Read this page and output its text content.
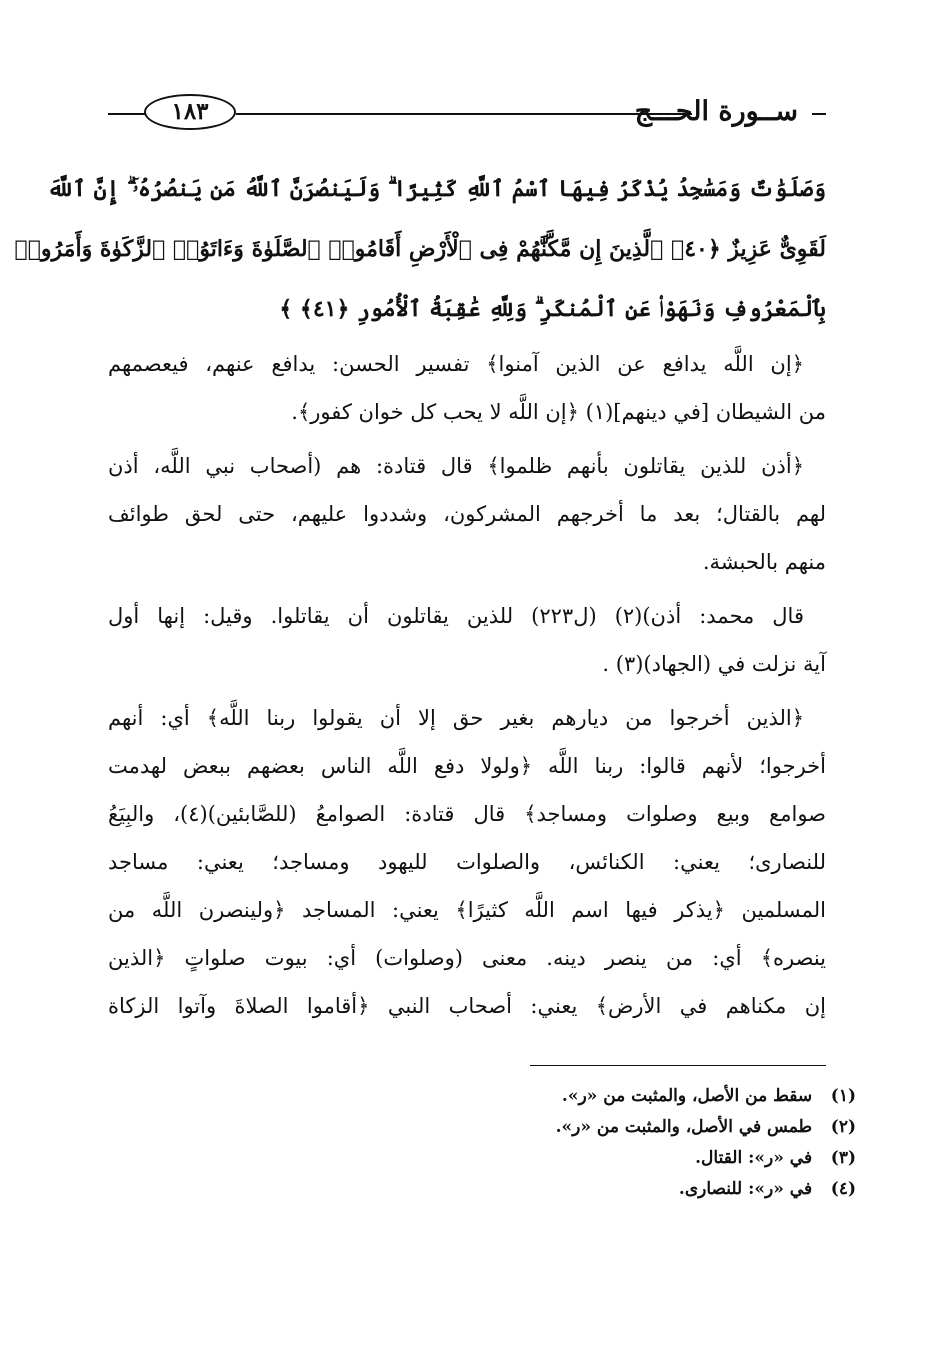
ســورة الحـــج
١٨٣
وَصَلَوَٰتٌ وَمَسَٰجِدُ يُذْكَرُ فِيهَا ٱسْمُ ٱللَّهِ كَثِيرًا ۗ وَلَيَنصُرَنَّ ٱللَّهُ مَن يَنصُرُهُۥٓ ۗ إِنَّ ٱللَّهَ
لَقَوِىٌّ عَزِيزٌ ﴿٤٠﴾ ٱلَّذِينَ إِن مَّكَّنَّٰهُمْ فِى ٱلْأَرْضِ أَقَامُوا۟ ٱلصَّلَوٰةَ وَءَاتَوُا۟ ٱلزَّكَوٰةَ وَأَمَرُوا۟
بِٱلْمَعْرُوفِ وَنَهَوْا۟ عَنِ ٱلْمُنكَرِ ۗ وَلِلَّهِ عَٰقِبَةُ ٱلْأُمُورِ ﴿٤١﴾ ﴾
﴿إن اللَّه يدافع عن الذين آمنوا﴾ تفسير الحسن: يدافع عنهم، فيعصمهم
من الشيطان [في دينهم](١) ﴿إن اللَّه لا يحب كل خوان كفور﴾.
﴿أذن للذين يقاتلون بأنهم ظلموا﴾ قال قتادة: هم (أصحاب نبي اللَّه، أذن
لهم بالقتال؛ بعد ما أخرجهم المشركون، وشددوا عليهم، حتى لحق طوائف
منهم بالحبشة.
قال محمد: أذن)(٢) (ل٢٢٣) للذين يقاتلون أن يقاتلوا. وقيل: إنها أول
آية نزلت في (الجهاد)(٣) .
﴿الذين أخرجوا من ديارهم بغير حق إلا أن يقولوا ربنا اللَّه﴾ أي: أنهم
أخرجوا؛ لأنهم قالوا: ربنا اللَّه ﴿ولولا دفع اللَّه الناس بعضهم ببعض لهدمت
صوامع وبيع وصلوات ومساجد﴾ قال قتادة: الصوامعُ (للصَّابئين)(٤)، والبِيَعُ
للنصارى؛ يعني: الكنائس، والصلوات لليهود ومساجد؛ يعني: مساجد
المسلمين ﴿يذكر فيها اسم اللَّه كثيرًا﴾ يعني: المساجد ﴿ولينصرن اللَّه من
ينصره﴾ أي: من ينصر دينه. معنى (وصلوات) أي: بيوت صلواتٍ ﴿الذين
إن مكناهم في الأرض﴾ يعني: أصحاب النبي ﴿أقاموا الصلاةَ وآتوا الزكاة
(١) سقط من الأصل، والمثبت من «ر».
(٢) طمس في الأصل، والمثبت من «ر».
(٣) في «ر»: القتال.
(٤) في «ر»: للنصارى.
